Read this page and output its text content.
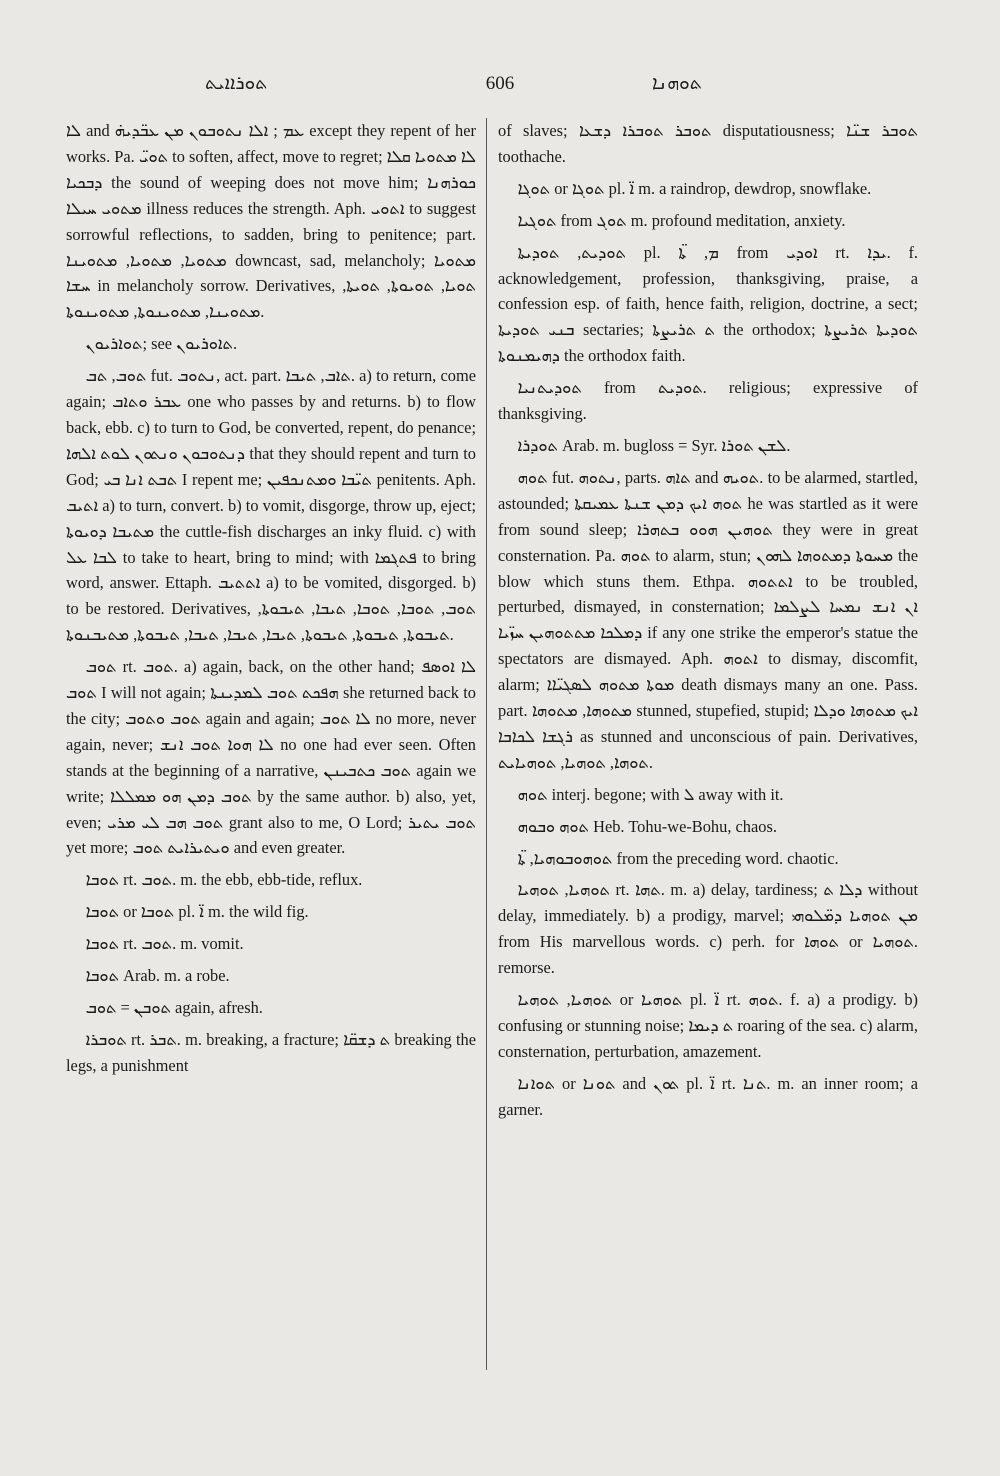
ܬܘܪܐܐܝܬ	606	ܬܘܗܢܐ

ܠܐ and ܥܡ ; ܐܠܐ ܢܬܘܒܘܢ ܡܢ ܥܒ̈ܕܝܗ̇ except they repent of her works. Pa. ܬܘܝ̈ to soften, affect, move to regret; ܠܐ ܡܬܘܝܐ ܩܠܐ ܕܒܟܝܐ the sound of weeping does not move him; ܟܘܪܗܢܐ ܡܬܘܝ ܚܝܠܐ illness reduces the strength. Aph. ܐܬܘܝ to suggest sorrowful reflections, to sadden, bring to penitence; part. ܡܬܘܝܐ, ܡܬܘܝܐ, ܡܬܘܝܢܐ downcast, sad, melancholy; ܡܬܘܝܐ ܚܫܐ in melancholy sorrow. Derivatives, ܬܘܝܐ, ܬܘܝܘܬܐ, ܬܘܝܬܐ, ܡܬܘܝܢܐ, ܡܬܘܝܢܘܬܐ, ܡܬܘܝܢܘܬܐ.

ܬܘܐܪܝܘܢ; see ܬܐܘܪܝܘܢ.

ܬܘܒ, ܬܒ fut. ܢܬܘܒ, act. part. ܬܐܒ, ܬܝܒܐ. a) to return, come again; ܥܒܪ ܘܬܐܒ one who passes by and returns. b) to flow back, ebb. c) to turn to God, be converted, repent, do penance; ܕܢܬܘܒܘܢ ܘܢܬܘܢ ܠܘܬ ܐܠܗܐ that they should repent and turn to God; ܬܒܬ ܐܢܐ ܒܝ I repent me; ܬܝ̈ܒܐ ܘܡܬܢܟܦܝܢ penitents. Aph. ܐܬܝܒ a) to turn, convert. b) to vomit, disgorge, throw up, eject; ܡܬܝܒܐ ܕܘܝܘܬܐ the cuttle-fish discharges an inky fluid. c) with ܠܒܐ ܥܠ to take to heart, bring to mind; with ܦܬܓܡܐ to bring word, answer. Ettaph. ܐܬܬܝܒ a) to be vomited, disgorged. b) to be restored. Derivatives, ܬܘܒ, ܬܘܒܐ, ܬܘܒܐ, ܬܝܒܐ, ܬܝܒܘܬܐ, ܬܝܒܘܬܐ, ܬܝܒܘܬܐ, ܬܝܒܘܬܐ, ܬܝܒܐ, ܬܝܒܐ, ܬܝܒܐ, ܬܝܒܘܬܐ, ܡܬܝܒܢܘܬܐ.

ܬܘܒ rt. ܬܘܒ. a) again, back, on the other hand; ܠܐ ܐܘܣܦ ܬܘܒ I will not again; ܗܦܟܬ ܬܘܒ ܠܡܕܝܢܬܐ she returned back to the city; ܬܘܒ ܘܬܘܒ again and again; ܠܐ ܬܘܒ no more, never again, never; ܠܐ ܗܘܐ ܬܘܒ ܐܢܫ no one had ever seen. Often stands at the beginning of a narrative, ܬܘܒ ܟܬܒܝܢܢ again we write; ܬܘܒ ܕܡܢ ܗܘ ܡܡܠܠܐ by the same author. b) also, yet, even; ܬܘܒ ܗܒ ܠܝ ܡܪܝ grant also to me, O Lord; ܬܘܒ ܝܬܝܪ yet more; ܘܝܬܝܪܐܝܬ ܬܘܒ and even greater.

ܬܘܒܐ rt. ܬܘܒ. m. the ebb, ebb-tide, reflux.

ܬܘܒܐ or ܬܘܒܐ pl. ܐ̈ m. the wild fig.

ܬܘܒܐ rt. ܬܘܒ. m. vomit.

ܬܘܒܐ Arab. m. a robe.

ܬܘܒܢ = ܬܘܒ again, afresh.

ܬܘܒܪܐ rt. ܬܒܪ. m. breaking, a fracture; ܬ ܕܫܩ̈ܐ breaking the legs, a punishment

of slaves; ܬܘܒܪ ܬܘܒܪܐ ܕܫܥܐ disputatiousness; ܬܘܒܪ ܫܢ̈ܐ toothache.

ܬܘܓܐ or ܬܘܓܐ pl. ܐ̈ m. a raindrop, dewdrop, snowflake.

ܬܘܓܝܐ from ܬܘܓ m. profound meditation, anxiety.

ܬܘܕܝܬ, ܬܘܕܝܬܐ pl. ܡ, ܬܐ̈ from ܐܘܕܝ rt. ܝܕܐ. f. acknowledgement, profession, thanksgiving, praise, a confession esp. of faith, hence faith, religion, doctrine, a sect; ܒܢܝ ܬܘܕܝܬܐ sectaries; ܬ ܬܪܝܨܬܐ the orthodox; ܬܘܕܝܬܐ ܬܪܝܨܬܐ ܕܗܝܡܢܘܬܐ the orthodox faith.

ܬܘܕܝܬܢܝܐ from ܬܘܕܝܬ. religious; expressive of thanksgiving.

ܬܘܕܪܐ Arab. m. bugloss = Syr. ܠܫܢ ܬܘܪܐ.

ܬܘܗ fut. ܢܬܘܗ, parts. ܬܐܗ and ܬܘܝܗ. to be alarmed, startled, astounded; ܬܘܗ ܐܝܟ ܕܡܢ ܫܢܬܐ ܥܡܝܩܬܐ he was startled as it were from sound sleep; ܬܘܗܝܢ ܗܘܘ ܒܬܗܪܐ they were in great consternation. Pa. ܬܘܗ to alarm, stun; ܡܚܘܬܐ ܕܡܬܘܗܐ ܠܗܘܢ the blow which stuns them. Ethpa. ܐܬܬܘܗ to be troubled, perturbed, dismayed, in consternation; ܐܢ ܐܢܫ ܢܡܚܐ ܠܨܠܡܐ ܕܡܠܟܐ ܡܬܬܘܗܝܢ ܚܙ̈ܝܐ if any one strike the emperor's statue the spectators are dismayed. Aph. ܐܬܘܗ to dismay, discomfit, alarm; ܡܘܬܐ ܡܬܘܗ ܠܣܓܝ̈ܐܐ death dismays many an one. Pass. part. ܡܬܘܗܐ, ܡܬܘܗܐ stunned, stupefied, stupid; ܐܝܟ ܡܬܘܗܐ ܘܕܠܐ ܪܓܫܐ ܠܟܐܒܐ as stunned and unconscious of pain. Derivatives, ܬܘܗܐ, ܬܘܗܝܐ, ܬܘܗܝܐܝܬ.

ܬܘܗ interj. begone; with ܠ away with it.

ܬܘܗ ܘܒܘܗ Heb. Tohu-we-Bohu, chaos.

ܬܘܗܘܒܘܗܝܐ, ܬܐ̈ from the preceding word. chaotic.

ܬܘܗܝܐ, ܬܘܗܝܐ rt. ܬܗܐ. m. a) delay, tardiness; ܕܠܐ ܬ without delay, immediately. b) a prodigy, marvel; ܡܢ ܬܘܗܝܐ ܕܡ̈ܠܘܗܝ from His marvellous words. c) perh. for ܬܘܗܐ or ܬܘܗܝܐ. remorse.

ܬܘܗܝܐ, ܬܘܗܝܐ or ܬܘܗܝܐ pl. ܐ̈ rt. ܬܘܗ. f. a) a prodigy. b) confusing or stunning noise; ܬ ܕܝܡܐ roaring of the sea. c) alarm, consternation, perturbation, amazement.

ܬܘܐܢܐ or ܬܘܢܐ and ܬܘܢ pl. ܐ̈ rt. ܬܢܐ. m. an inner room; a garner.
